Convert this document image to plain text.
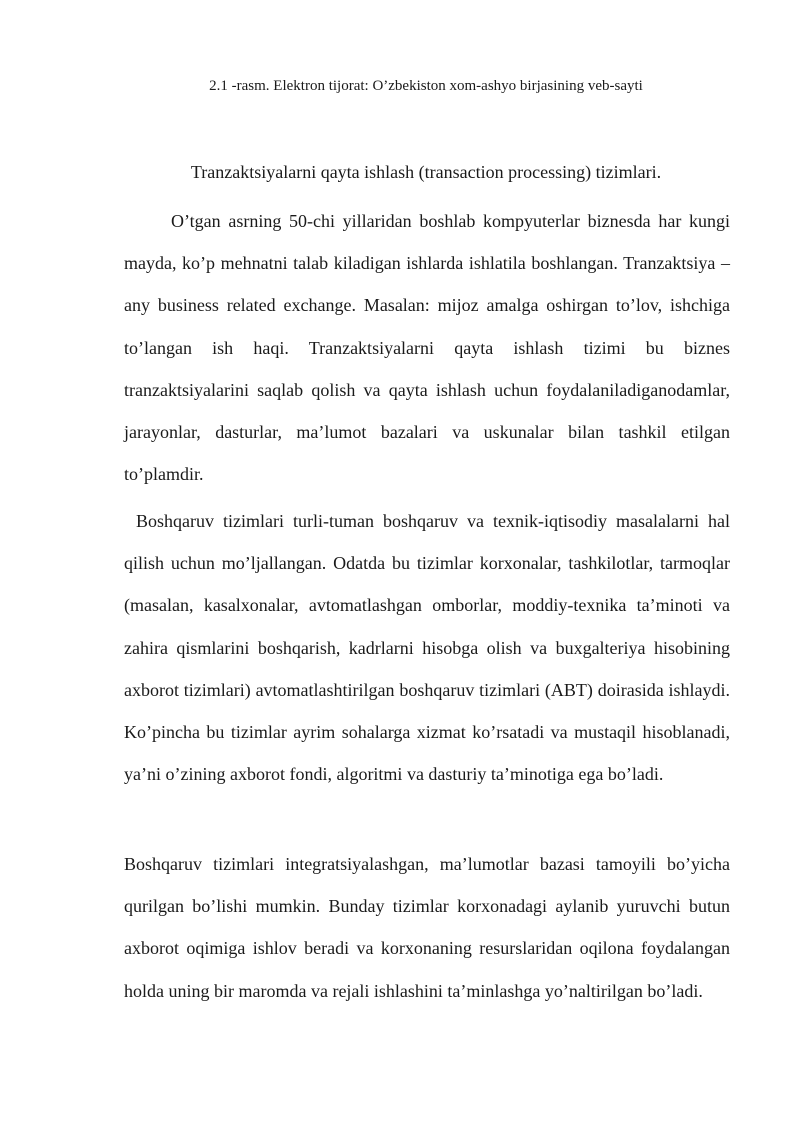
2.1 -rasm. Elektron tijorat: O’zbekiston xom-ashyo birjasining veb-sayti
Tranzaktsiyalarni qayta ishlash (transaction processing) tizimlari.

O’tgan asrning 50-chi yillaridan boshlab kompyuterlar biznesda har kungi mayda, ko’p mehnatni talab kiladigan ishlarda ishlatila boshlangan. Tranzaktsiya – any business related exchange. Masalan: mijoz amalga oshirgan to’lov, ishchiga to’langan ish haqi. Tranzaktsiyalarni qayta ishlash tizimi bu biznes tranzaktsiyalarini saqlab qolish va qayta ishlash uchun foydalaniladiganodamlar, jarayonlar, dasturlar, ma’lumot bazalari va uskunalar bilan tashkil etilgan to’plamdir.

Boshqaruv tizimlari turli-tuman boshqaruv va texnik-iqtisodiy masalalarni hal qilish uchun mo’ljallangan. Odatda bu tizimlar korxonalar, tashkilotlar, tarmoqlar (masalan, kasalxonalar, avtomatlashgan omborlar, moddiy-texnika ta’minoti va zahira qismlarini boshqarish, kadrlarni hisobga olish va buxgalteriya hisobining axborot tizimlari) avtomatlashtirilgan boshqaruv tizimlari (ABT) doirasida ishlaydi. Ko’pincha bu tizimlar ayrim sohalarga xizmat ko’rsatadi va mustaqil hisoblanadi, ya’ni o’zining axborot fondi, algoritmi va dasturiy ta’minotiga ega bo’ladi.

Boshqaruv tizimlari integratsiyalashgan, ma’lumotlar bazasi tamoyili bo’yicha qurilgan bo’lishi mumkin. Bunday tizimlar korxonadagi aylanib yuruvchi butun axborot oqimiga ishlov beradi va korxonaning resurslaridan oqilona foydalangan holda uning bir maromda va rejali ishlashini ta’minlashga yo’naltirilgan bo’ladi.
